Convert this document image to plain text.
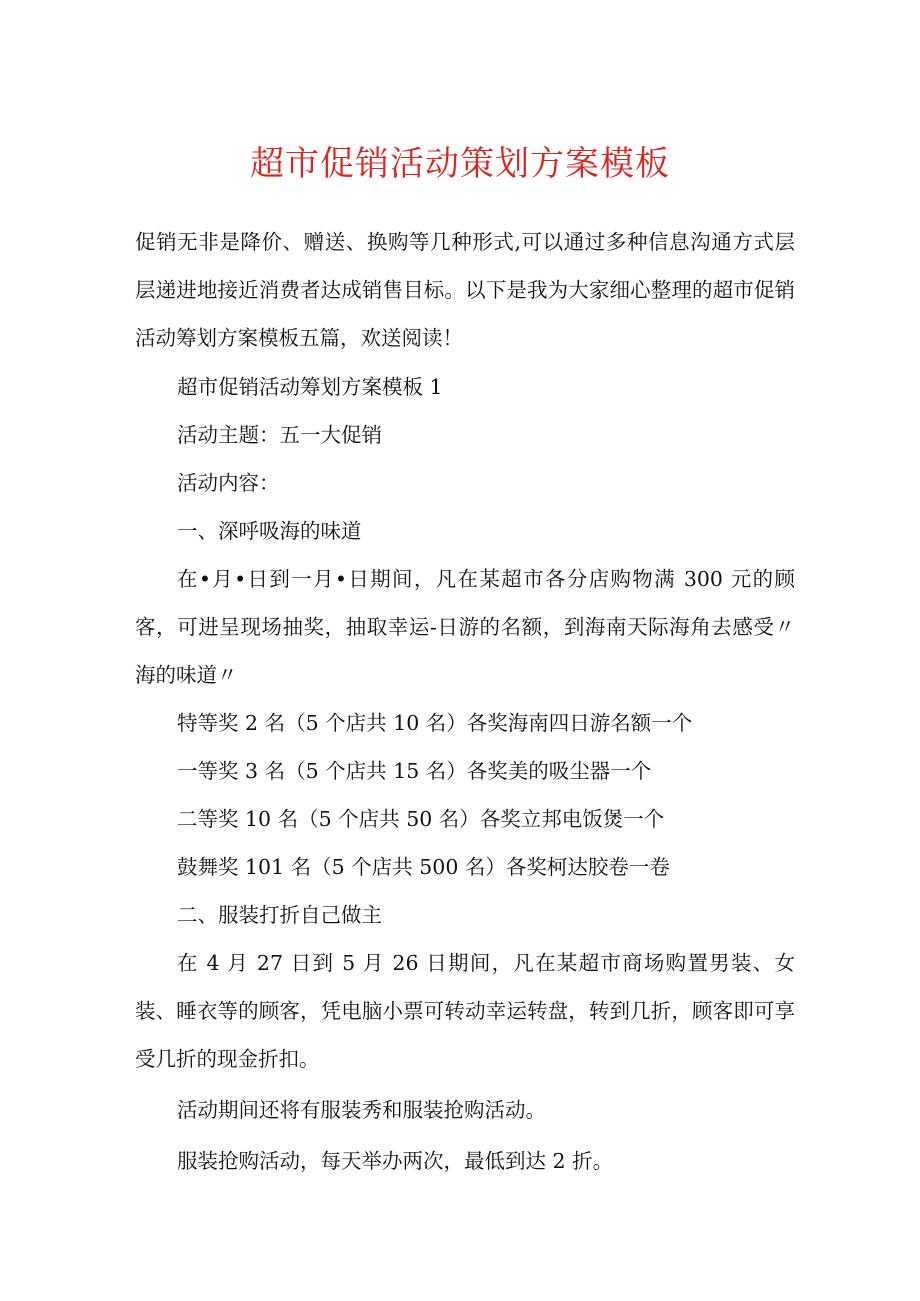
超市促销活动策划方案模板

促销无非是降价、赠送、换购等几种形式,可以通过多种信息沟通方式层层递进地接近消费者达成销售目标。以下是我为大家细心整理的超市促销活动筹划方案模板五篇，欢送阅读！

超市促销活动筹划方案模板 1

活动主题：五一大促销

活动内容：

一、深呼吸海的味道

在•月•日到一月•日期间，凡在某超市各分店购物满 300 元的顾客，可进呈现场抽奖，抽取幸运-日游的名额，到海南天际海角去感受〃海的味道〃

特等奖 2 名（5 个店共 10 名）各奖海南四日游名额一个

一等奖 3 名（5 个店共 15 名）各奖美的吸尘器一个

二等奖 10 名（5 个店共 50 名）各奖立邦电饭煲一个

鼓舞奖 101 名（5 个店共 500 名）各奖柯达胶卷一卷

二、服装打折自己做主

在 4 月 27 日到 5 月 26 日期间，凡在某超市商场购置男装、女装、睡衣等的顾客，凭电脑小票可转动幸运转盘，转到几折，顾客即可享受几折的现金折扣。

活动期间还将有服装秀和服装抢购活动。

服装抢购活动，每天举办两次，最低到达 2 折。
